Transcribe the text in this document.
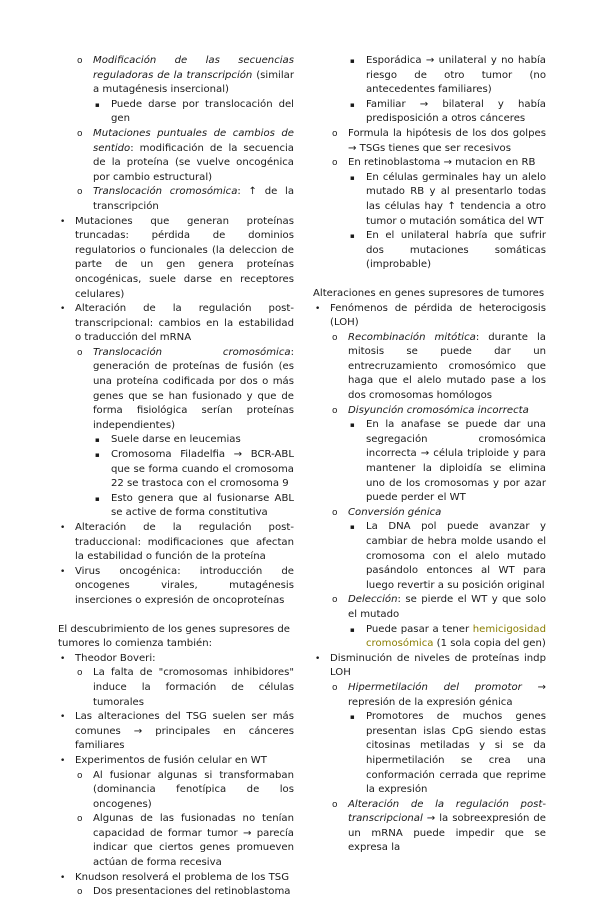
o Modificación de las secuencias reguladoras de la transcripción (similar a mutagénesis insercional)
▪ Puede darse por translocación del gen
o Mutaciones puntuales de cambios de sentido: modificación de la secuencia de la proteína (se vuelve oncogénica por cambio estructural)
o Translocación cromosómica: ↑ de la transcripción
• Mutaciones que generan proteínas truncadas: pérdida de dominios regulatorios o funcionales (la deleccion de parte de un gen genera proteínas oncogénicas, suele darse en receptores celulares)
• Alteración de la regulación post-transcripcional: cambios en la estabilidad o traducción del mRNA
o Translocación cromosómica: generación de proteínas de fusión (es una proteína codificada por dos o más genes que se han fusionado y que de forma fisiológica serían proteínas independientes)
▪ Suele darse en leucemias
▪ Cromosoma Filadelfia → BCR-ABL que se forma cuando el cromosoma 22 se trastoca con el cromosoma 9
▪ Esto genera que al fusionarse ABL se active de forma constitutiva
• Alteración de la regulación post-traduccional: modificaciones que afectan la estabilidad o función de la proteína
• Virus oncogénica: introducción de oncogenes virales, mutagénesis inserciones o expresión de oncoproteínas

El descubrimiento de los genes supresores de tumores lo comienza también:

• Theodor Boveri:
o La falta de "cromosomas inhibidores" induce la formación de células tumorales
• Las alteraciones del TSG suelen ser más comunes → principales en cánceres familiares
• Experimentos de fusión celular en WT
o Al fusionar algunas si transformaban (dominancia fenotípica de los oncogenes)
o Algunas de las fusionadas no tenían capacidad de formar tumor → parecía indicar que ciertos genes promueven actúan de forma recesiva
• Knudson resolverá el problema de los TSG
o Dos presentaciones del retinoblastoma
▪ Esporádica → unilateral y no había riesgo de otro tumor (no antecedentes familiares)
▪ Familiar → bilateral y había predisposición a otros cánceres
o Formula la hipótesis de los dos golpes → TSGs tienes que ser recesivos
o En retinoblastoma → mutacion en RB
▪ En células germinales hay un alelo mutado RB y al presentarlo todas las células hay ↑ tendencia a otro tumor o mutación somática del WT
▪ En el unilateral habría que sufrir dos mutaciones somáticas (improbable)

Alteraciones en genes supresores de tumores

• Fenómenos de pérdida de heterocigosis (LOH)
o Recombinación mitótica: durante la mitosis se puede dar un entrecruzamiento cromosómico que haga que el alelo mutado pase a los dos cromosomas homólogos
o Disyunción cromosómica incorrecta
▪ En la anafase se puede dar una segregación cromosómica incorrecta → célula triploide y para mantener la diploidía se elimina uno de los cromosomas y por azar puede perder el WT
o Conversión génica
▪ La DNA pol puede avanzar y cambiar de hebra molde usando el cromosoma con el alelo mutado pasándolo entonces al WT para luego revertir a su posición original
o Delección: se pierde el WT y que solo el mutado
▪ Puede pasar a tener hemicigosidad cromosómica (1 sola copia del gen)
• Disminución de niveles de proteínas indp LOH
o Hipermetilación del promotor → represión de la expresión génica
▪ Promotores de muchos genes presentan islas CpG siendo estas citosinas metiladas y si se da hipermetilación se crea una conformación cerrada que reprime la expresión
o Alteración de la regulación post-transcripcional → la sobreexpresión de un mRNA puede impedir que se expresa la
